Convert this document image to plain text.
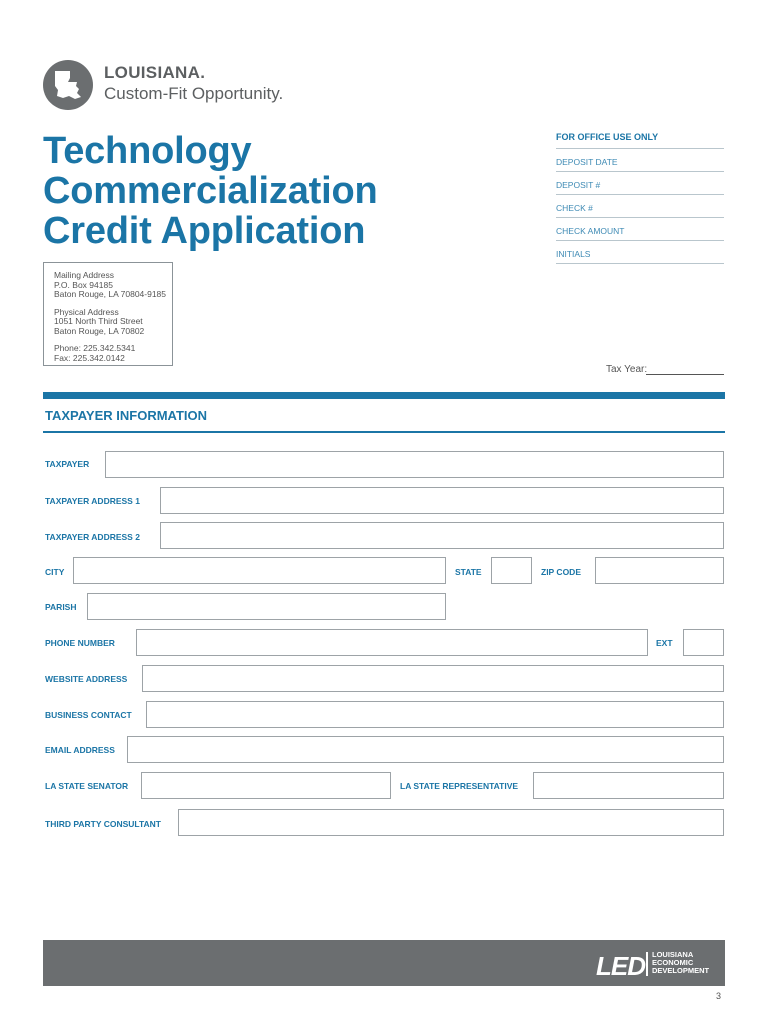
LOUISIANA.
Custom-Fit Opportunity.
Technology
Commercialization
Credit Application
FOR OFFICE USE ONLY
DEPOSIT DATE
DEPOSIT #
CHECK #
CHECK AMOUNT
INITIALS
Mailing Address
P.O. Box 94185
Baton Rouge, LA 70804-9185
Physical Address
1051 North Third Street
Baton Rouge, LA 70802
Phone: 225.342.5341
Fax: 225.342.0142
Tax Year:
TAXPAYER INFORMATION
TAXPAYER
TAXPAYER ADDRESS 1
TAXPAYER ADDRESS 2
CITY	STATE	ZIP CODE
PARISH
PHONE NUMBER	EXT
WEBSITE ADDRESS
BUSINESS CONTACT
EMAIL ADDRESS
LA STATE SENATOR	LA STATE REPRESENTATIVE
THIRD PARTY CONSULTANT
LED LOUISIANA
ECONOMIC
DEVELOPMENT
3
